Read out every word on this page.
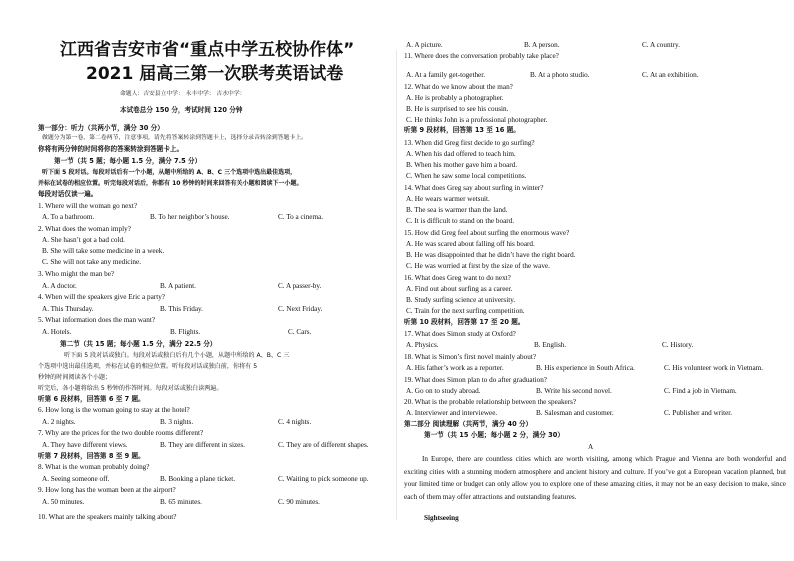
江西省吉安市省“重点中学五校协作体”
2021 届高三第一次联考英语试卷
命题人：吉安县立中学： 永丰中学： 吉水中学：
本试卷总分 150 分，考试时间 120 分钟
第一部分：听力（共两小节，满分 30 分）
做题分为第一卷，第二卷两节，注意事项，请先将答案转涂到答题卡上，选择分录音转涂到答题卡上。
你将有两分钟的时间将你的答案转涂到答题卡上。
第一节（共 5 题；每小题 1.5 分，满分 7.5 分）
听下面 5 段对话。每段对话后有一个小题，从题中所给的 A、B、C 三个选项中选出最佳选项，
并标在试卷的相应位置。听完每段对话后，你都有 10 秒钟的时间来回答有关小题和阅读下一小题。
每段对话仅读一遍。
1. Where will the woman go next?
A. To a bathroom.	B. To her neighbor’s house.	C. To a cinema.
2. What does the woman imply?
A. She hasn’t got a bad cold.
B. She will take some medicine in a week.
C. She will not take any medicine.
3. Who might the man be?
A. A doctor.	B. A patient.	C. A passer-by.
4. When will the speakers give Eric a party?
A. This Thursday.	B. This Friday.	C. Next Friday.
5. What information does the man want?
A. Hotels.	B. Flights.	C. Cars.
第二节（共 15 题；每小题 1.5 分，满分 22.5 分）
听下面 5 段对话或独白。每段对话或独白后有几个小题，从题中所给的 A、B、C 三
个选项中选出最佳选项，并标在试卷的相应位置。听每段对话或独白前，你将有 5
秒钟的时间阅读各个小题；
听完后，各小题将给出 5 秒钟的作答时间。每段对话或独白读两遍。
听第 6 段材料，回答第 6 至 7 题。
6. How long is the woman going to stay at the hotel?
A. 2 nights.	B. 3 nights.	C. 4 nights.
7. Why are the prices for the two double rooms different?
A. They have different views.	B. They are different in sizes.	C. They are of different shapes.
听第 7 段材料，回答第 8 至 9 题。
8. What is the woman probably doing?
A. Seeing someone off.	B. Booking a plane ticket.	C. Waiting to pick someone up.
9. How long has the woman been at the airport?
A. 50 minutes.	B. 65 minutes.	C. 90 minutes.
10. What are the speakers mainly talking about?
A. A picture.	B. A person.	C. A country.
11. Where does the conversation probably take place?
A. At a family get-together.	B. At a photo studio.	C. At an exhibition.
12. What do we know about the man?
A. He is probably a photographer.
B. He is surprised to see his cousin.
C. He thinks John is a professional photographer.
听第 9 段材料，回答第 13 至 16 题。
13. When did Greg first decide to go surfing?
A. When his dad offered to teach him.
B. When his mother gave him a board.
C. When he saw some local competitions.
14. What does Greg say about surfing in winter?
A. He wears warmer wetsuit.
B. The sea is warmer than the land.
C. It is difficult to stand on the board.
15. How did Greg feel about surfing the enormous wave?
A. He was scared about falling off his board.
B. He was disappointed that he didn’t have the right board.
C. He was worried at first by the size of the wave.
16. What does Greg want to do next?
A. Find out about surfing as a career.
B. Study surfing science at university.
C. Train for the next surfing competition.
听第 10 段材料，回答第 17 至 20 题。
17. What does Simon study at Oxford?
A. Physics.	B. English.	C. History.
18. What is Simon’s first novel mainly about?
A. His father’s work as a reporter.	B. His experience in South Africa.	C. His volunteer work in Vietnam.
19. What does Simon plan to do after graduation?
A. Go on to study abroad.	B. Write his second novel.	C. Find a job in Vietnam.
20. What is the probable relationship between the speakers?
A. Interviewer and interviewee.	B. Salesman and customer.	C. Publisher and writer.
第二部分 阅读理解（共两节，满分 40 分）
第一节（共 15 小题；每小题 2 分，满分 30）
A
In Europe, there are countless cities which are worth visiting, among which Prague and Vienna are both wonderful and exciting cities with a stunning modern atmosphere and ancient history and culture. If you’ve got a European vacation planned, but your limited time or budget can only allow you to explore one of these amazing cities, it may not be an easy decision to make, since each of them may offer attractions and outstanding features.
Sightseeing
